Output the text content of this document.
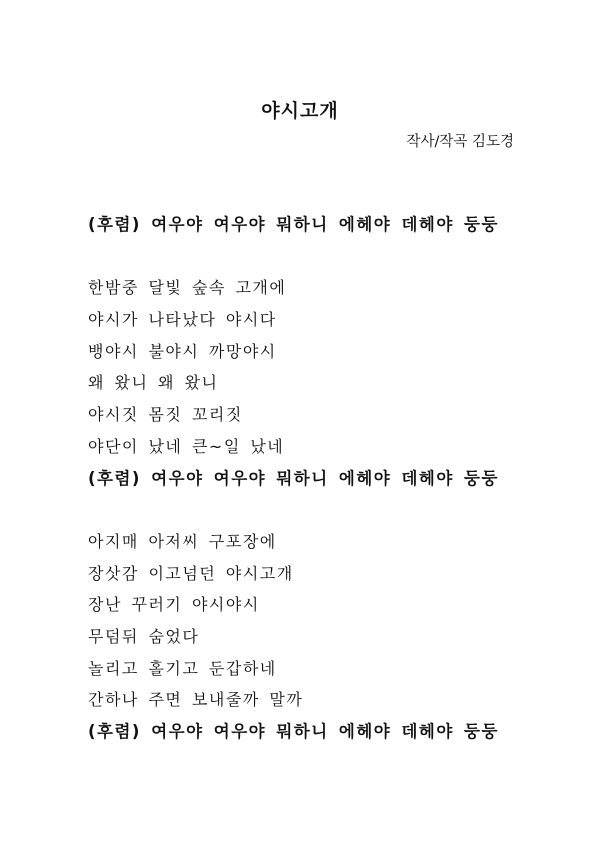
야시고개
작사/작곡 김도경
(후렴) 여우야 여우야 뭐하니 에헤야 데헤야 둥둥
한밤중 달빛 숲속 고개에
야시가 나타났다 야시다
뱅야시 불야시 까망야시
왜 왔니 왜 왔니
야시짓 몸짓 꼬리짓
야단이 났네 큰~일 났네
(후렴) 여우야 여우야 뭐하니 에헤야 데헤야 둥둥
아지매 아저씨 구포장에
장삿감 이고넘던 야시고개
장난 꾸러기 야시야시
무덤뒤 숨었다
놀리고 홀기고 둔갑하네
간하나 주면 보내줄까 말까
(후렴) 여우야 여우야 뭐하니 에헤야 데헤야 둥둥
